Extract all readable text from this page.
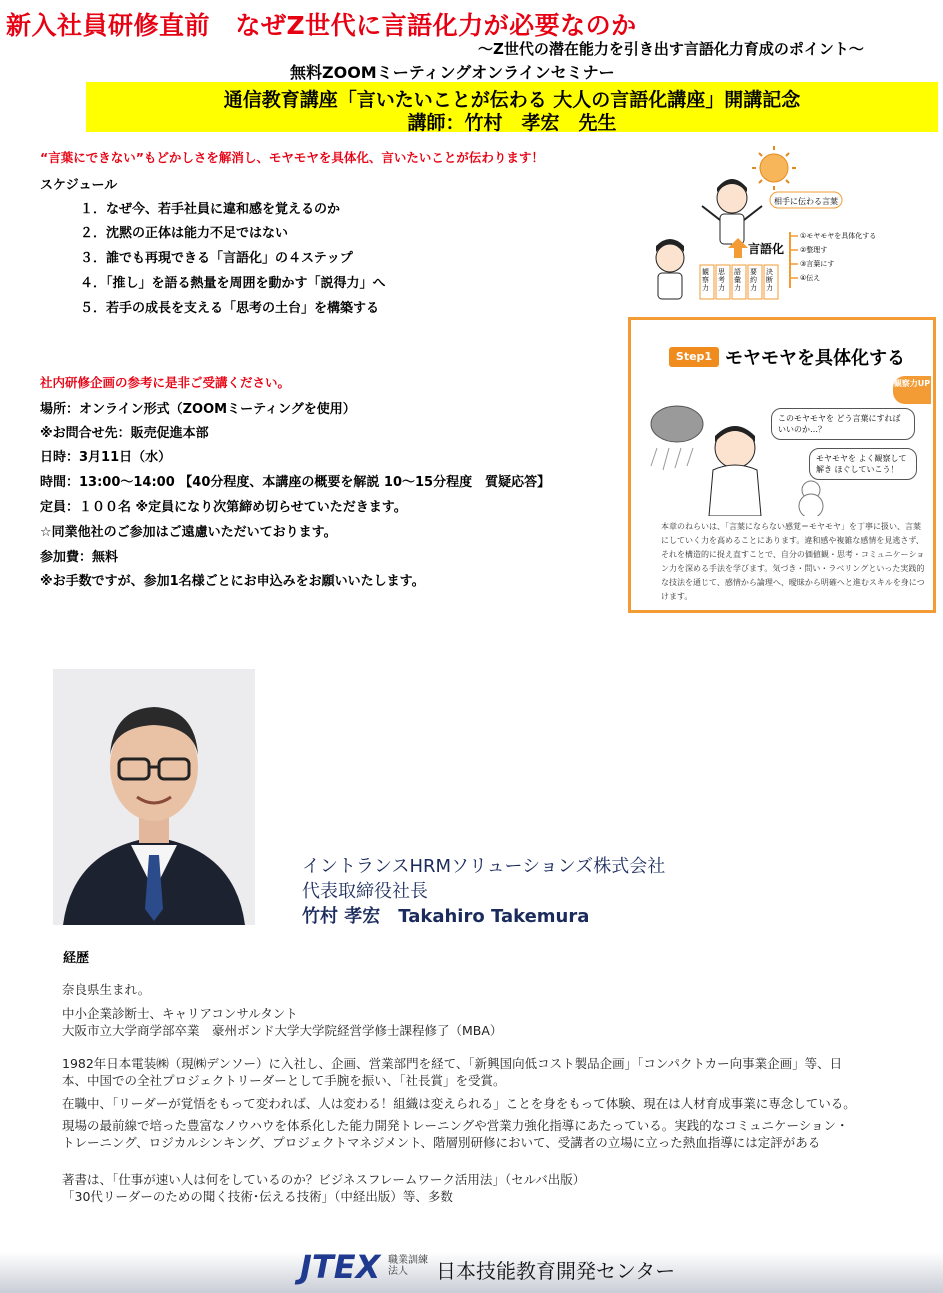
新入社員研修直前　なぜZ世代に言語化力が必要なのか
～Z世代の潜在能力を引き出す言語化力育成のポイント～
無料ZOOMミーティングオンラインセミナー
通信教育講座「言いたいことが伝わる 大人の言語化講座」開講記念
講師：竹村　孝宏　先生
“言葉にできない”もどかしさを解消し、モヤモヤを具体化、言いたいことが伝わります！
スケジュール
１．なぜ今、若手社員に違和感を覚えるのか
２．沈黙の正体は能力不足ではない
３．誰でも再現できる「言語化」の４ステップ
４．「推し」を語る熱量を周囲を動かす「説得力」へ
５．若手の成長を支える「思考の土台」を構築する
社内研修企画の参考に是非ご受講ください。
場所：オンライン形式（ZOOMミーティングを使用）
※お問合せ先：販売促進本部
日時：3月11日（水）
時間：13:00～14:00 【40分程度、本講座の概要を解説 10～15分程度　質疑応答】
定員：１００名 ※定員になり次第締め切らせていただきます。
☆同業他社のご参加はご遠慮いただいております。
参加費：無料
※お手数ですが、参加1名様ごとにお申込みをお願いいたします。
相手に伝わる言葉
言語化
観察力
思考力
語彙力
要約力
決断力
①モヤモヤを具体化する
②整理す
③言葉にす
④伝え
Step1 モヤモヤを具体化する
観察力UP
このモヤモヤを どう言葉にすればいいのか…？
モヤモヤを よく観察して解き ほぐしていこう！
本章のねらいは、「言葉にならない感覚＝モヤモヤ」を丁寧に扱い、言葉にしていく力を高めることにあります。違和感や複雑な感情を見逃さず、それを構造的に捉え直すことで、自分の価値観・思考・コミュニケーション力を深める手法を学びます。気づき・問い・ラベリングといった実践的な技法を通じて、感情から論理へ、曖昧から明確へと進むスキルを身につけます。
イントランスHRMソリューションズ株式会社
代表取締役社長
竹村 孝宏　Takahiro Takemura
経歴
奈良県生まれ。
中小企業診断士、キャリアコンサルタント
大阪市立大学商学部卒業　豪州ボンド大学大学院経営学修士課程修了（MBA）
1982年日本電装㈱（現㈱デンソー）に入社し、企画、営業部門を経て、「新興国向低コスト製品企画」「コンパクトカー向事業企画」等、日
本、中国での全社プロジェクトリーダーとして手腕を振い、「社長賞」を受賞。
在職中、「リーダーが覚悟をもって変われば、人は変わる！組織は変えられる」ことを身をもって体験、現在は人材育成事業に専念している。
現場の最前線で培った豊富なノウハウを体系化した能力開発トレーニングや営業力強化指導にあたっている。実践的なコミュニケーション・
トレーニング、ロジカルシンキング、プロジェクトマネジメント、階層別研修において、受講者の立場に立った熱血指導には定評がある
著書は、「仕事が速い人は何をしているのか？ビジネスフレームワーク活用法」（セルバ出版）
「30代リーダーのための聞く技術･伝える技術」（中経出版）等、多数
JTEX 職業訓練法人	日本技能教育開発センター
